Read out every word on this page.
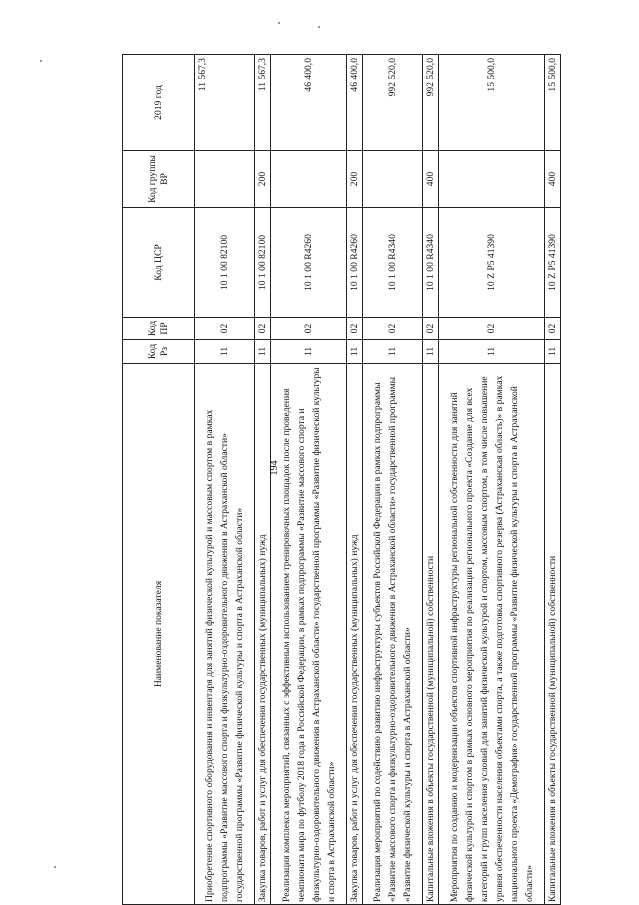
194
Наименование показателя	Код Рз	Код ПР	Код ЦСР	Код группы ВР	2019 год
Приобретение спортивного оборудования и инвентаря для занятий физической культурой и массовым спортом в рамках подпрограммы «Развитие массового спорта и физкультурно-оздоровительного движения в Астраханской области» государственной программы «Развитие физической культуры и спорта в Астраханской области»	11	02	10 1 00 82100		11 567,3
Закупка товаров, работ и услуг для обеспечения государственных (муниципальных) нужд	11	02	10 1 00 82100	200	11 567,3
Реализация комплекса мероприятий, связанных с эффективным использованием тренировочных площадок после проведения чемпионата мира по футболу 2018 года в Российской Федерации, в рамках подпрограммы «Развитие массового спорта и физкультурно-оздоровительного движения в Астраханской области» государственной программы «Развитие физической культуры и спорта в Астраханской области»	11	02	10 1 00 R4260		46 400,0
Закупка товаров, работ и услуг для обеспечения государственных (муниципальных) нужд	11	02	10 1 00 R4260	200	46 400,0
Реализация мероприятий по содействию развитию инфраструктуры субъектов Российской Федерации в рамках подпрограммы «Развитие массового спорта и физкультурно-оздоровительного движения в Астраханской области» государственной программы «Развитие физической культуры и спорта в Астраханской области»	11	02	10 1 00 R4340		992 520,0
Капитальные вложения в объекты государственной (муниципальной) собственности	11	02	10 1 00 R4340	400	992 520,0
Мероприятия по созданию и модернизации объектов спортивной инфраструктуры региональной собственности для занятий физической культурой и спортом в рамках основного мероприятия по реализации регионального проекта «Создание для всех категорий и групп населения условий для занятий физической культурой и спортом, массовым спортом, в том числе повышение уровня обеспеченности населения объектами спорта, а также подготовка спортивного резерва (Астраханская область)» в рамках национального проекта «Демография» государственной программы «Развитие физической культуры и спорта в Астраханской области»	11	02	10 Z P5 41390		15 500,0
Капитальные вложения в объекты государственной (муниципальной) собственности	11	02	10 Z P5 41390	400	15 500,0
